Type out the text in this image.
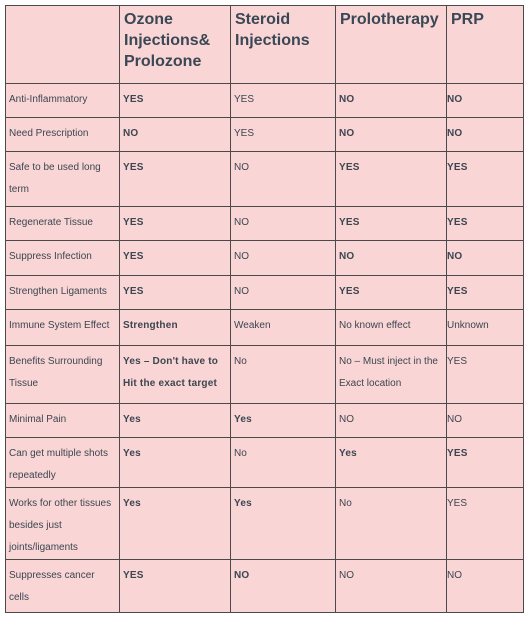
	Ozone Injections& Prolozone	Steroid Injections	Prolotherapy	PRP

Anti-Inflammatory	YES	YES	NO	NO

Need Prescription	NO	YES	NO	NO

Safe to be used long term	YES	NO	YES	YES

Regenerate Tissue	YES	NO	YES	YES

Suppress Infection	YES	NO	NO	NO

Strengthen Ligaments	YES	NO	YES	YES

Immune System Effect	Strengthen	Weaken	No known effect	Unknown

Benefits Surrounding Tissue	Yes – Don't have to Hit the exact target	No	No – Must inject in the Exact location	YES

Minimal Pain	Yes	Yes	NO	NO

Can get multiple shots repeatedly	Yes	No	Yes	YES

Works for other tissues besides just joints/ligaments	Yes	Yes	No	YES

Suppresses cancer cells	YES	NO	NO	NO
